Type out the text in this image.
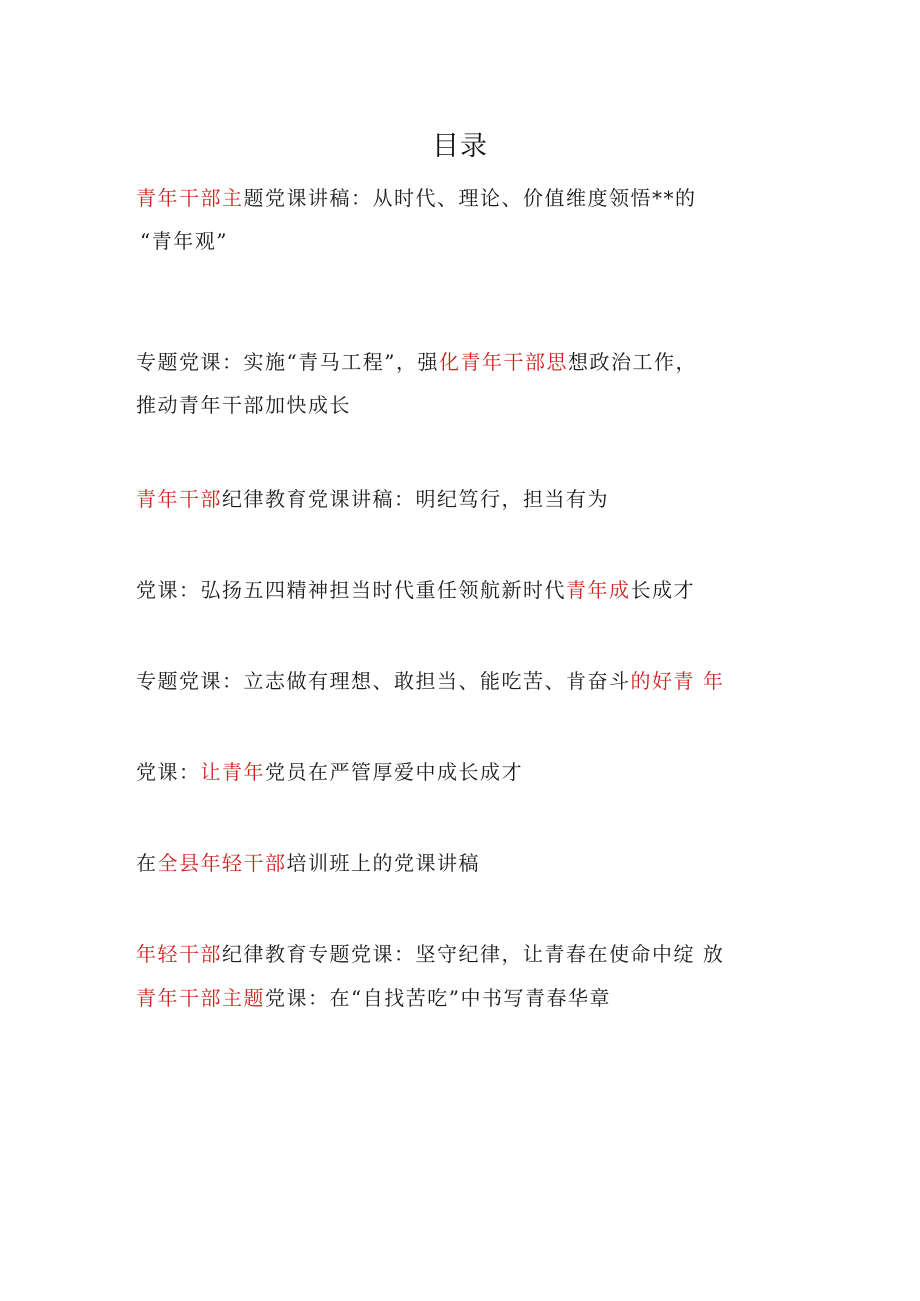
目录
青年干部主题党课讲稿：从时代、理论、价值维度领悟**的
“青年观”
专题党课：实施“青马工程”，强化青年干部思想政治工作，
推动青年干部加快成长
青年干部纪律教育党课讲稿：明纪笃行，担当有为
党课：弘扬五四精神担当时代重任领航新时代青年成长成才
专题党课：立志做有理想、敢担当、能吃苦、肯奋斗的好青 年
党课：让青年党员在严管厚爱中成长成才
在全县年轻干部培训班上的党课讲稿
年轻干部纪律教育专题党课：坚守纪律，让青春在使命中绽 放
青年干部主题党课：在“自找苦吃”中书写青春华章
